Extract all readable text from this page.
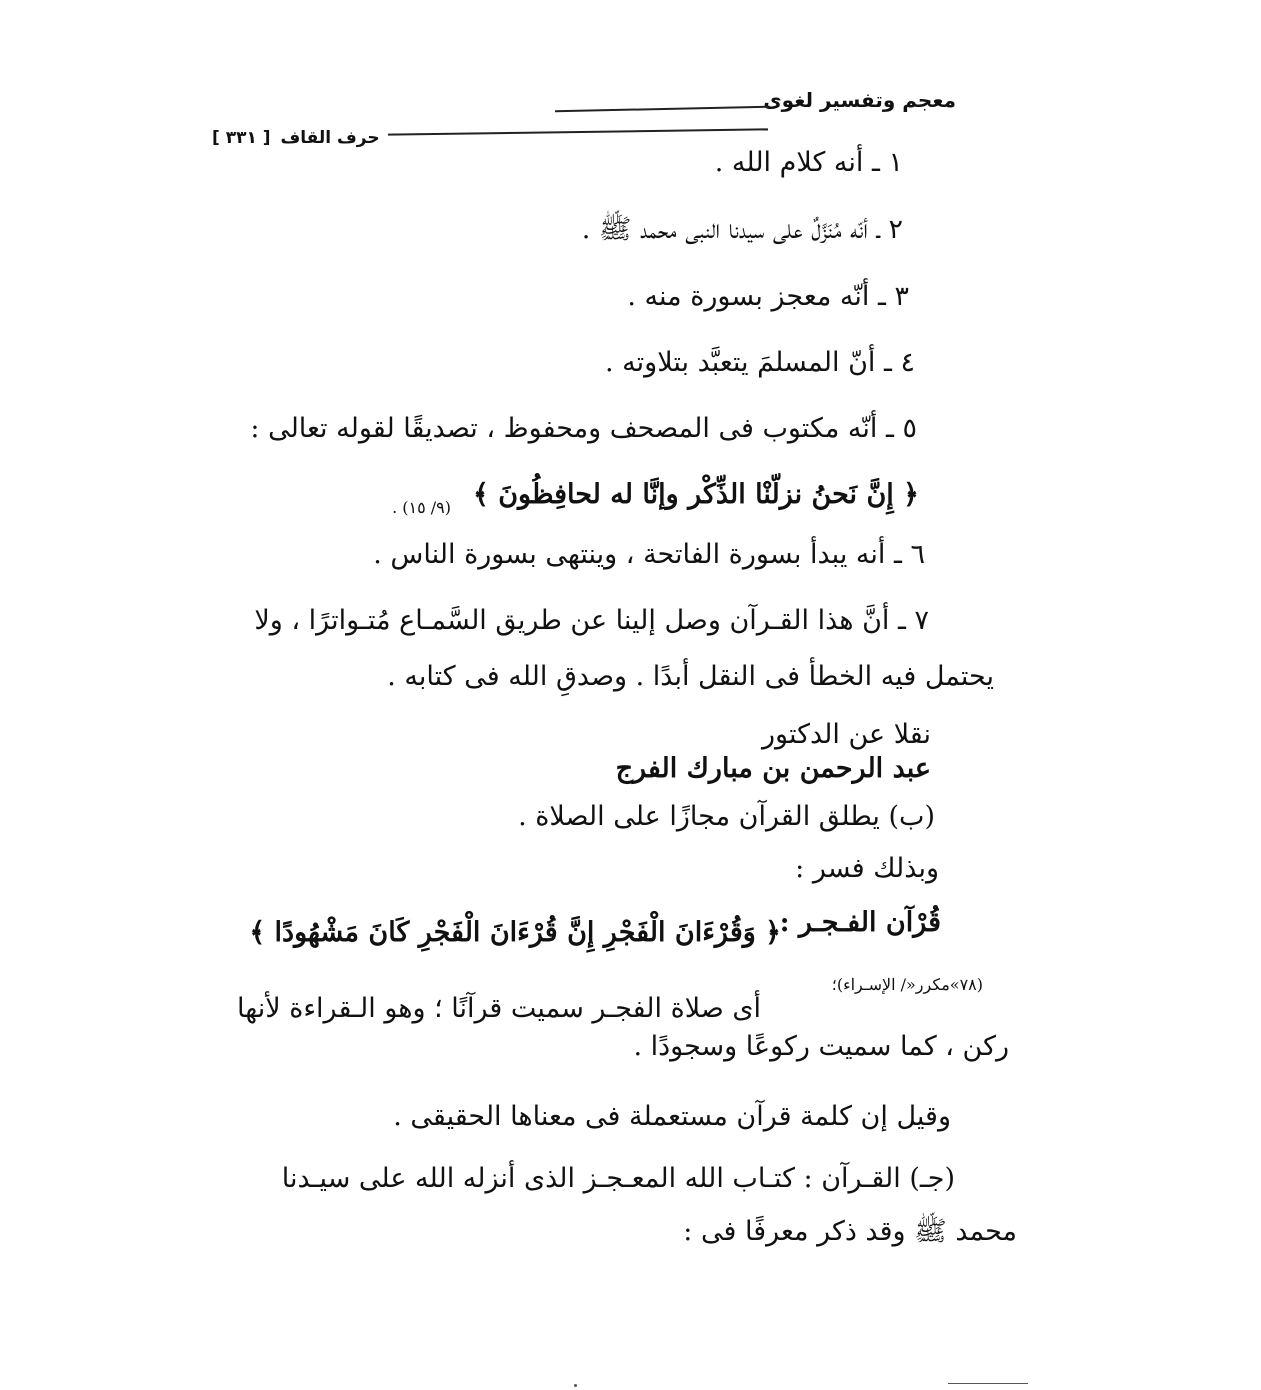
معجم وتفسير لغوى
[ ٣٣١ ] حرف القاف
١ ـ أنه كلام الله .
٢ ـ أنّه مُنَزَّلٌ على سيدنا النبى محمد ﷺ .
٣ ـ أنّه معجز بسورة منه .
٤ ـ أنّ المسلمَ يتعبَّد بتلاوته .
٥ ـ أنّه مكتوب فى المصحف ومحفوظ ، تصديقًا لقوله تعالى :
﴿ إِنَّ نَحنُ نزلّنْا الذِّكْر وإنَّا له لحافِظُونَ ﴾
(٩/ ١٥) .
٦ ـ أنه يبدأ بسورة الفاتحة ، وينتهى بسورة الناس .
٧ ـ أنَّ هذا القـرآن وصل إلينا عن طريق السَّمـاع مُتـواترًا ، ولا
يحتمل فيه الخطأ فى النقل أبدًا . وصدقِ الله فى كتابه .
نقلا عن الدكتور
عبد الرحمن بن مبارك الفرج
(ب) يطلق القرآن مجازًا على الصلاة .
وبذلك فسر :
قُرْآن الفـجـر :
﴿ وَقُرْءَانَ الْفَجْرِ إِنَّ قُرْءَانَ الْفَجْرِ كَانَ مَشْهُودًا ﴾
(٧٨»مكرر«/ الإسـراء)؛
أى صلاة الفجـر سميت قرآنًا ؛ وهو الـقراءة لأنها
ركن ، كما سميت ركوعًا وسجودًا .
وقيل إن كلمة قرآن مستعملة فى معناها الحقيقى .
(جـ) القـرآن : كتـاب الله المعـجـز الذى أنزله الله على سيـدنا
محمد ﷺ وقد ذكر معرفًا فى :
